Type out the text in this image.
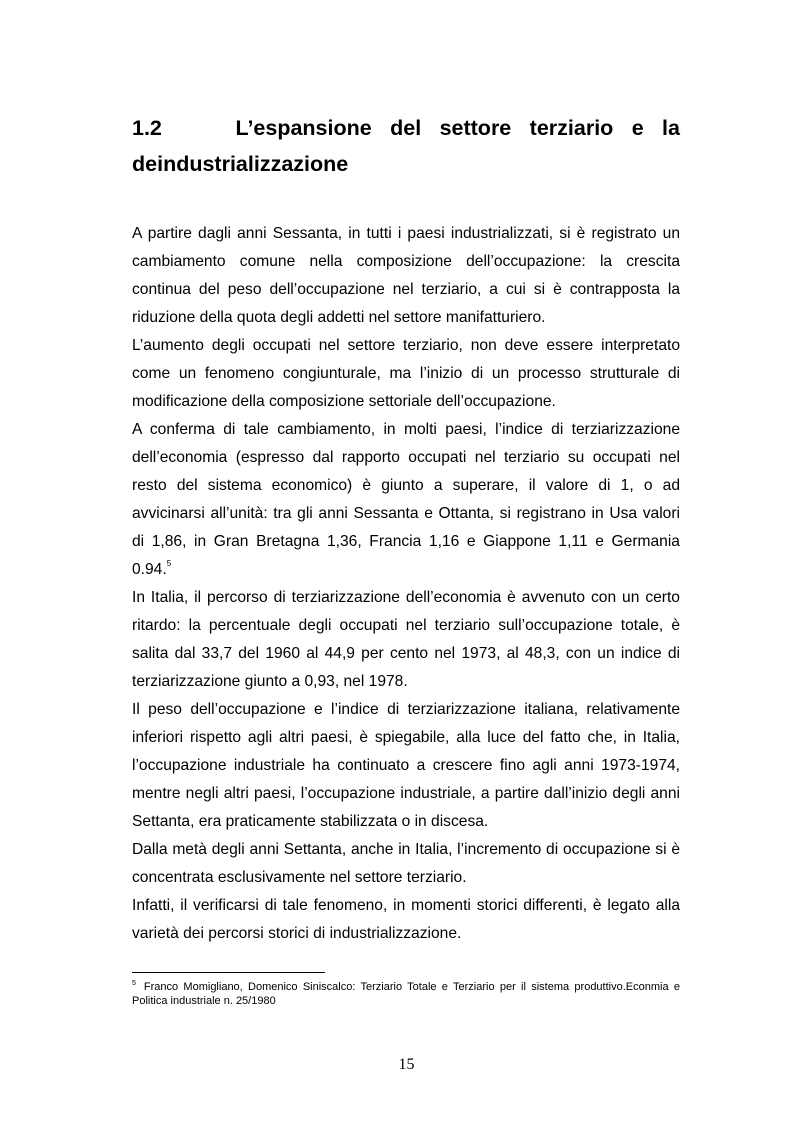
1.2	L’espansione del settore terziario e la
deindustrializzazione

A partire dagli anni Sessanta, in tutti i paesi industrializzati, si è registrato un cambiamento comune nella composizione dell’occupazione: la crescita continua del peso dell’occupazione nel terziario, a cui si è contrapposta la riduzione della quota degli addetti nel settore manifatturiero.

L’aumento degli occupati nel settore terziario, non deve essere interpretato come un fenomeno congiunturale, ma l’inizio di un processo strutturale di modificazione della composizione settoriale dell’occupazione.

A conferma di tale cambiamento, in molti paesi, l’indice di terziarizzazione dell’economia (espresso dal rapporto occupati nel terziario su occupati nel resto del sistema economico) è giunto a superare, il valore di 1, o ad avvicinarsi all’unità: tra gli anni Sessanta e Ottanta, si registrano in Usa valori di 1,86, in Gran Bretagna 1,36, Francia 1,16 e Giappone 1,11 e Germania 0.94.$^5$

In Italia, il percorso di terziarizzazione dell’economia è avvenuto con un certo ritardo: la percentuale degli occupati nel terziario sull’occupazione totale, è salita dal 33,7 del 1960 al 44,9 per cento nel 1973, al 48,3, con un indice di terziarizzazione giunto a 0,93, nel 1978.

Il peso dell’occupazione e l’indice di terziarizzazione italiana, relativamente inferiori rispetto agli altri paesi, è spiegabile, alla luce del fatto che, in Italia, l’occupazione industriale ha continuato a crescere fino agli anni 1973-1974, mentre negli altri paesi, l’occupazione industriale, a partire dall’inizio degli anni Settanta, era praticamente stabilizzata o in discesa.

Dalla metà degli anni Settanta, anche in Italia, l’incremento di occupazione si è concentrata esclusivamente nel settore terziario.

Infatti, il verificarsi di tale fenomeno, in momenti storici differenti, è legato alla varietà dei percorsi storici di industrializzazione.

$^5$ Franco Momigliano, Domenico Siniscalco: Terziario Totale e Terziario per il sistema produttivo.Econmia e Politica industriale n. 25/1980

15
